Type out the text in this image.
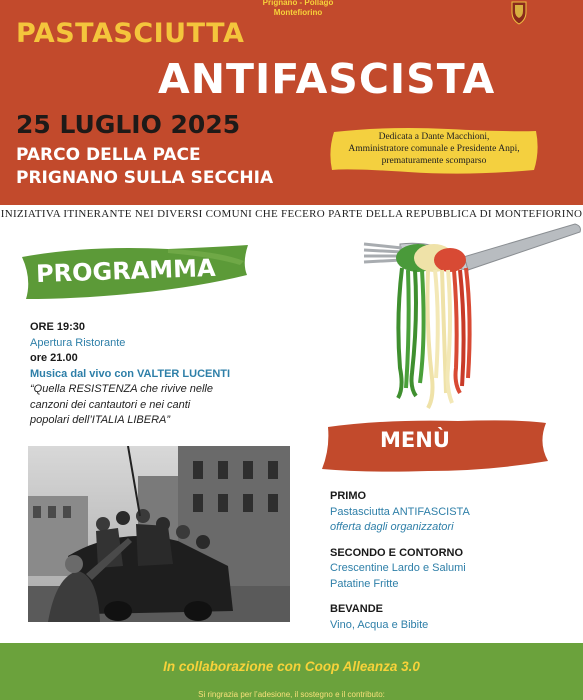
Prignano - Pollago
Montefiorino
PASTASCIUTTA
ANTIFASCISTA
25 LUGLIO 2025
PARCO DELLA PACE
PRIGNANO SULLA SECCHIA
Dedicata a Dante Macchioni,
Amministratore comunale e Presidente Anpi,
prematuramente scomparso
INIZIATIVA ITINERANTE NEI DIVERSI COMUNI CHE FECERO PARTE DELLA REPUBBLICA DI MONTEFIORINO
PROGRAMMA
ORE 19:30
Apertura Ristorante
ore 21.00
Musica dal vivo con VALTER LUCENTI
“Quella RESISTENZA che rivive nelle
canzoni dei cantautori e nei canti
popolari dell’ITALIA LIBERA”
MENÙ
PRIMO
Pastasciutta ANTIFASCISTA
offerta dagli organizzatori
SECONDO E CONTORNO
Crescentine Lardo e Salumi
Patatine Fritte
BEVANDE
Vino, Acqua e Bibite
In collaborazione con Coop Alleanza 3.0
Si ringrazia per l’adesione, il sostegno e il contributo:
